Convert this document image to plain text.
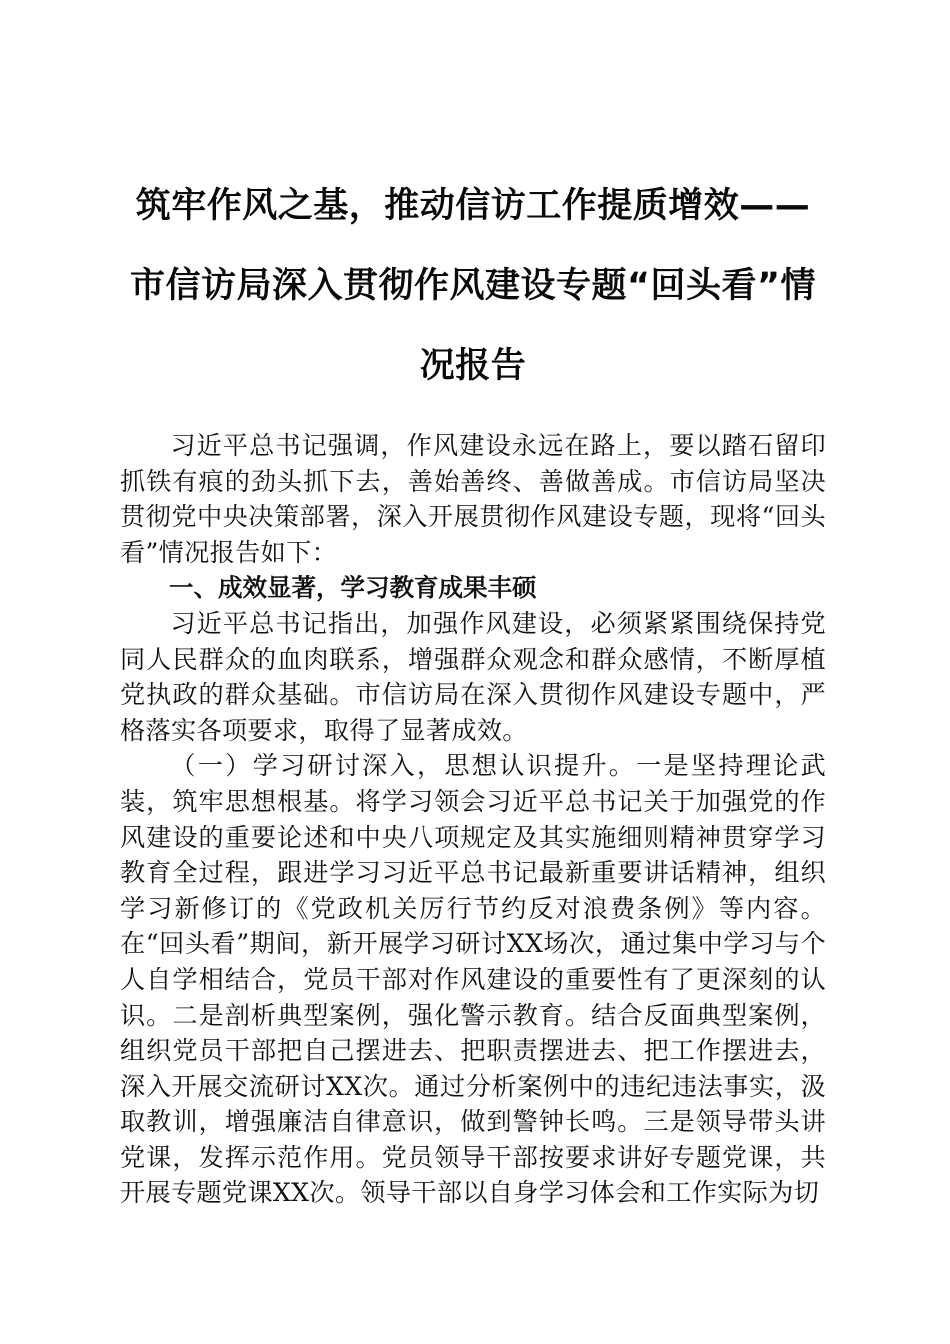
筑牢作风之基，推动信访工作提质增效——市信访局深入贯彻作风建设专题“回头看”情况报告

习近平总书记强调，作风建设永远在路上，要以踏石留印抓铁有痕的劲头抓下去，善始善终、善做善成。市信访局坚决贯彻党中央决策部署，深入开展贯彻作风建设专题，现将“回头看”情况报告如下：

一、成效显著，学习教育成果丰硕

习近平总书记指出，加强作风建设，必须紧紧围绕保持党同人民群众的血肉联系，增强群众观念和群众感情，不断厚植党执政的群众基础。市信访局在深入贯彻作风建设专题中，严格落实各项要求，取得了显著成效。

（一）学习研讨深入，思想认识提升。一是坚持理论武装，筑牢思想根基。将学习领会习近平总书记关于加强党的作风建设的重要论述和中央八项规定及其实施细则精神贯穿学习教育全过程，跟进学习习近平总书记最新重要讲话精神，组织学习新修订的《党政机关厉行节约反对浪费条例》等内容。在“回头看”期间，新开展学习研讨XX场次，通过集中学习与个人自学相结合，党员干部对作风建设的重要性有了更深刻的认识。二是剖析典型案例，强化警示教育。结合反面典型案例，组织党员干部把自己摆进去、把职责摆进去、把工作摆进去，深入开展交流研讨XX次。通过分析案例中的违纪违法事实，汲取教训，增强廉洁自律意识，做到警钟长鸣。三是领导带头讲党课，发挥示范作用。党员领导干部按要求讲好专题党课，共开展专题党课XX次。领导干部以自身学习体会和工作实际为切
